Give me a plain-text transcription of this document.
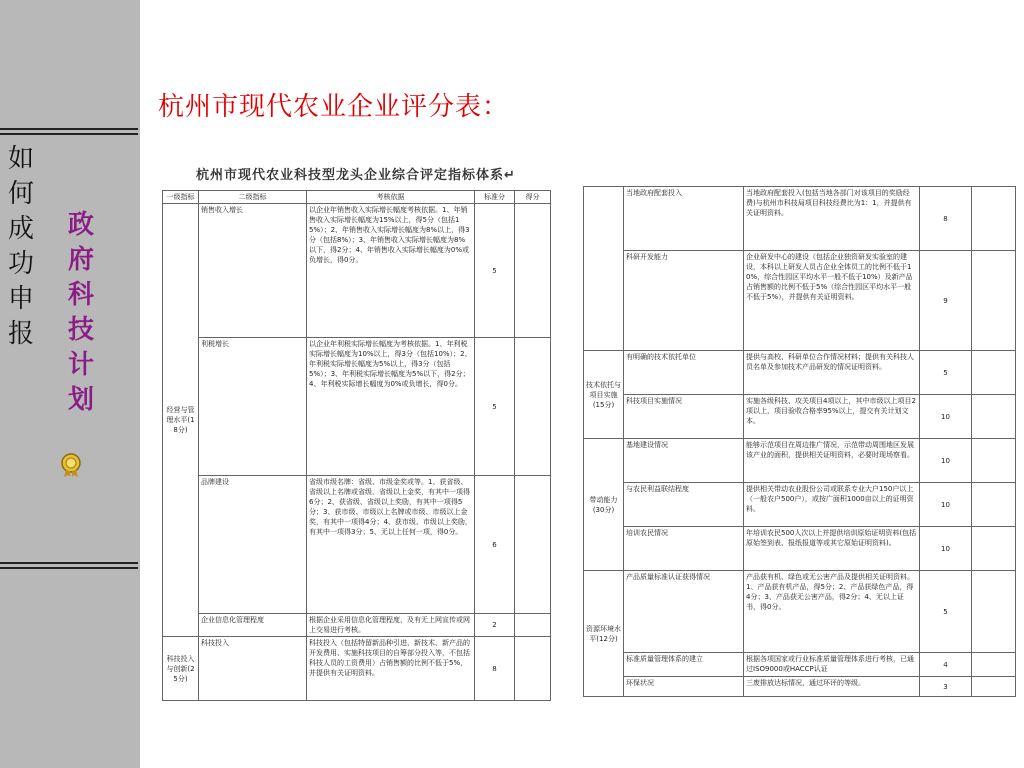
如
何
成
功
申
报
政
府
科
技
计
划
杭州市现代农业企业评分表：
杭州市现代农业科技型龙头企业综合评定指标体系↵
一级指标	二级指标	考核依据	标准分	得分
经营与管理水平(18分)	销售收入增长	以企业年销售收入实际增长幅度考核依据。1、年销售收入实际增长幅度为15%以上，得5分（包括15%）；2、年销售收入实际增长幅度为8%以上，得3分（包括8%）；3、年销售收入实际增长幅度为8%以下，得2分；4、年销售收入实际增长幅度为0%或负增长，得0分。	5	
	利税增长	以企业年利税实际增长幅度为考核依据。1、年利税实际增长幅度为10%以上，得3分（包括10%）；2、年利税实际增长幅度为5%以上，得3分（包括5%）；3、年利税实际增长幅度为5%以下，得2分；4、年利税实际增长幅度为0%或负增长，得0分。	5	
	品牌建设	省级市级名牌：省级、市级金奖或等。1、获省级、省级以上名牌或省级、省级以上金奖，有其中一项得6分；2、获省级、省级以上奖励，有其中一项得5分；3、获市级、市级以上名牌或市级、市级以上金奖，有其中一项得4分；4、获市级、市级以上奖励，有其中一项得3分；5、无以上任何一项，得0分。	6	
	企业信息化管理程度	根据企业采用信息化管理程度，及有无上网宣传或网上交易进行考核。	2	
科技投入与创新(25分)	科技投入	科技投入（包括特留新品种引进、新技术、新产品的开发费用、实施科技项目的自筹部分投入等，不包括科技人员的工资费用）占销售额的比例不低于5%，并提供有关证明资料。	8	
	当地政府配套投入	当地政府配套投入(包括当地各部门对该项目的奖励经费)与杭州市科技局项目科技经费比为1：1，并提供有关证明资料。	8	
	科研开发能力	企业研发中心的建设（包括企业独资研发实验室的建设，本科以上研发人员占企业全体员工的比例不低于10%，综合性园区平均水平一般不低于10%）及新产品占销售额的比例不低于5%（综合性园区平均水平一般不低于5%），并提供有关证明资料。	9	
技术依托与项目实施(15分)	有明确的技术依托单位	提供与高校、科研单位合作情况材料；提供有关科技人员名单及参加技术产品研发的情况证明资料。	5	
	科技项目实施情况	实施各级科技、攻关项目4项以上，其中市级以上项目2项以上，项目验收合格率95%以上，提交有关计划文本。	10	
带动能力(30分)	基地建设情况	能够示范项目在周边推广情况，示范带动周围地区发展该产业的面积，提供相关证明资料，必要时现场察看。	10	
	与农民利益联结程度	提供相关带动农业股份公司或联系专业大户150户以上（一般农户500户），或按广面积1000亩以上的证明资料。	10	
	培训农民情况	年培训农民500人次以上并提供培训原始证明资料(包括原始签到表、报纸报道等或其它原始证明资料)。	10	
资源环境水平(12分)	产品质量标准认证获得情况	产品获有机、绿色或无公害产品及提供相关证明资料。1、产品获有机产品，得5分；2、产品获绿色产品，得4分；3、产品获无公害产品，得2分；4、无以上证书，得0分。	5	
	标准质量管理体系的建立	根据各项国家或行业标准质量管理体系进行考核，已通过ISO9000或HACCP认证	4	
	环保状况	三废排放达标情况，通过环评的等级。	3	
